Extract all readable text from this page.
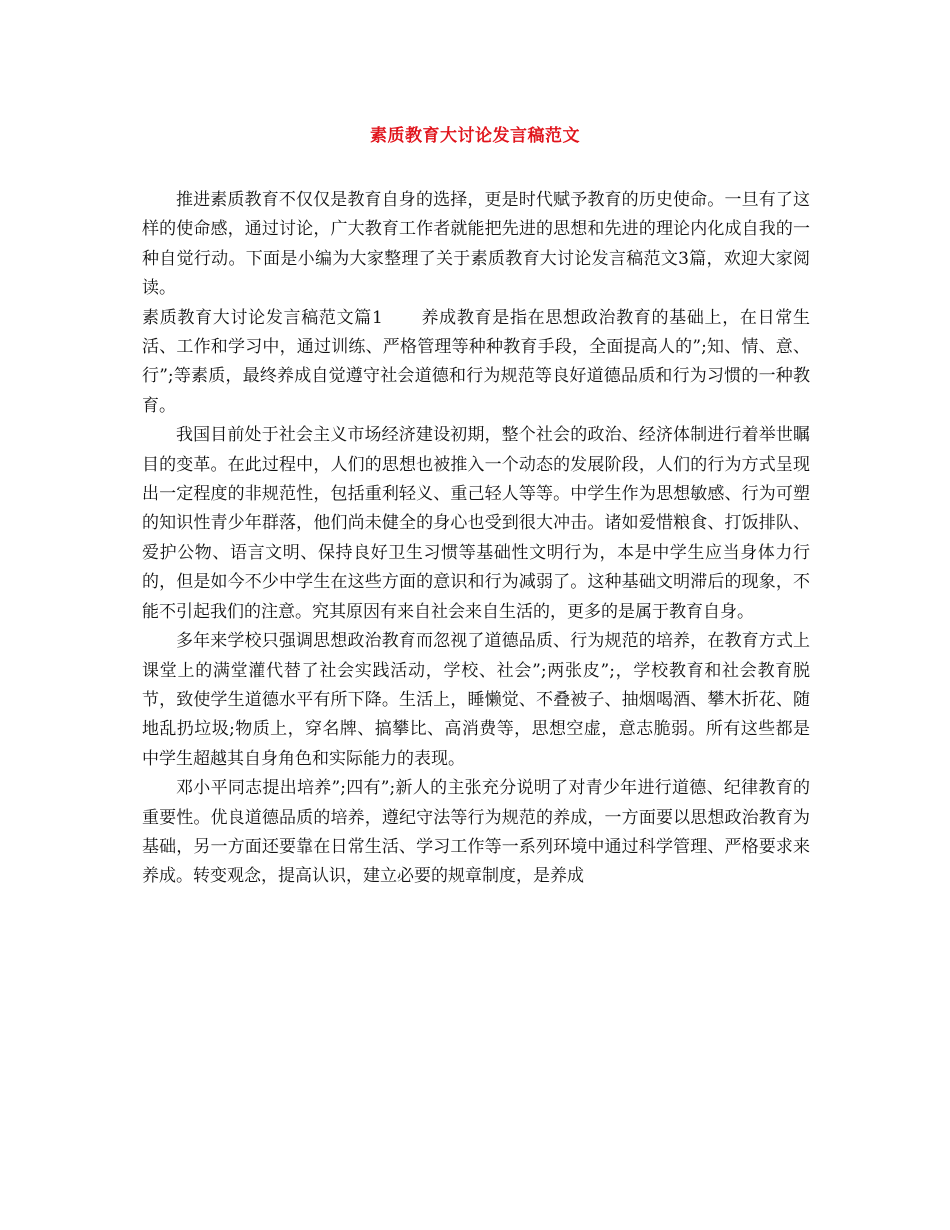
素质教育大讨论发言稿范文

推进素质教育不仅仅是教育自身的选择，更是时代赋予教育的历史使命。一旦有了这样的使命感，通过讨论，广大教育工作者就能把先进的思想和先进的理论内化成自我的一种自觉行动。下面是小编为大家整理了关于素质教育大讨论发言稿范文3篇，欢迎大家阅读。

素质教育大讨论发言稿范文篇1 养成教育是指在思想政治教育的基础上，在日常生活、工作和学习中，通过训练、严格管理等种种教育手段，全面提高人的”;知、情、意、行”;等素质，最终养成自觉遵守社会道德和行为规范等良好道德品质和行为习惯的一种教育。

我国目前处于社会主义市场经济建设初期，整个社会的政治、经济体制进行着举世瞩目的变革。在此过程中，人们的思想也被推入一个动态的发展阶段，人们的行为方式呈现出一定程度的非规范性，包括重利轻义、重己轻人等等。中学生作为思想敏感、行为可塑的知识性青少年群落，他们尚未健全的身心也受到很大冲击。诸如爱惜粮食、打饭排队、爱护公物、语言文明、保持良好卫生习惯等基础性文明行为，本是中学生应当身体力行的，但是如今不少中学生在这些方面的意识和行为减弱了。这种基础文明滞后的现象，不能不引起我们的注意。究其原因有来自社会来自生活的，更多的是属于教育自身。

多年来学校只强调思想政治教育而忽视了道德品质、行为规范的培养，在教育方式上课堂上的满堂灌代替了社会实践活动，学校、社会”;两张皮”;，学校教育和社会教育脱节，致使学生道德水平有所下降。生活上，睡懒觉、不叠被子、抽烟喝酒、攀木折花、随地乱扔垃圾;物质上，穿名牌、搞攀比、高消费等，思想空虚，意志脆弱。所有这些都是中学生超越其自身角色和实际能力的表现。

邓小平同志提出培养”;四有”;新人的主张充分说明了对青少年进行道德、纪律教育的重要性。优良道德品质的培养，遵纪守法等行为规范的养成，一方面要以思想政治教育为基础，另一方面还要靠在日常生活、学习工作等一系列环境中通过科学管理、严格要求来养成。转变观念，提高认识，建立必要的规章制度，是养成
